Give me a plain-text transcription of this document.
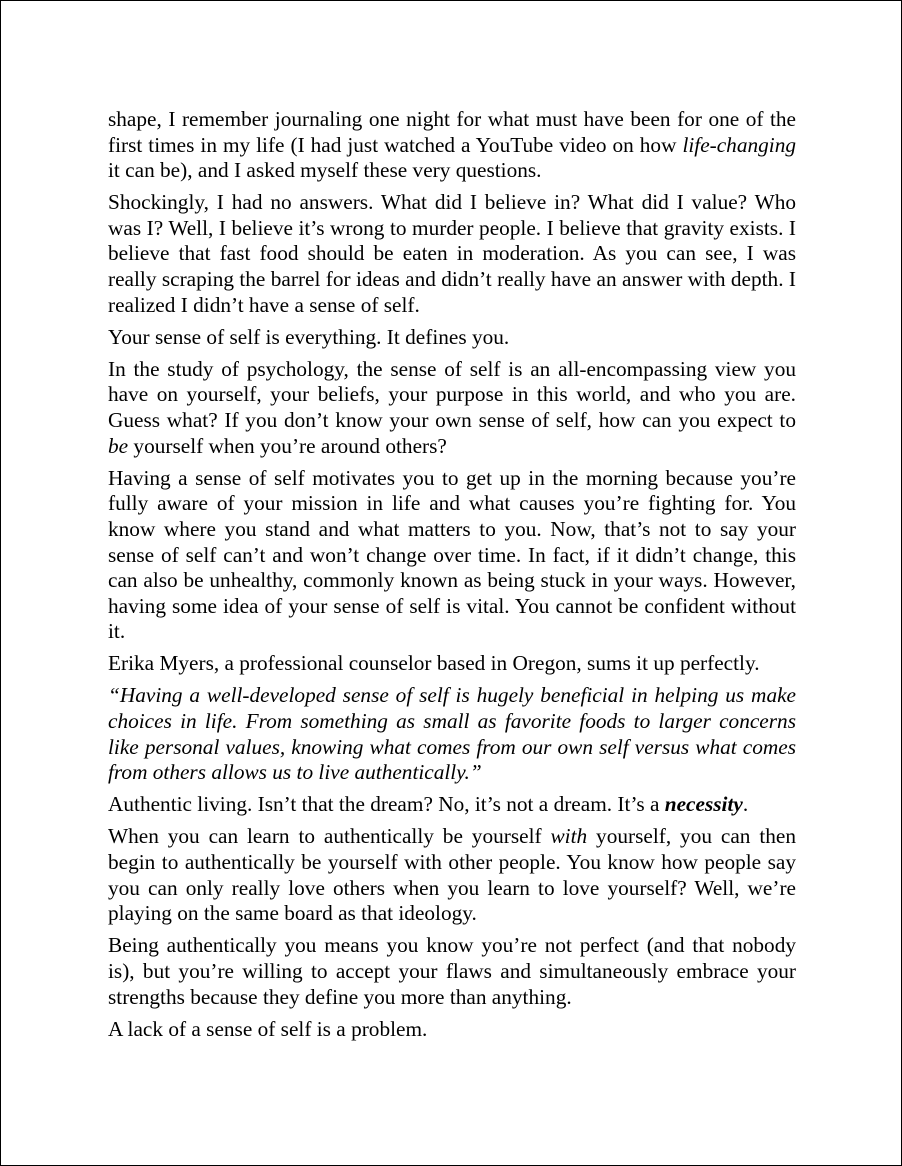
shape, I remember journaling one night for what must have been for one of the first times in my life (I had just watched a YouTube video on how life-changing it can be), and I asked myself these very questions.

Shockingly, I had no answers. What did I believe in? What did I value? Who was I? Well, I believe it’s wrong to murder people. I believe that gravity exists. I believe that fast food should be eaten in moderation. As you can see, I was really scraping the barrel for ideas and didn’t really have an answer with depth. I realized I didn’t have a sense of self.

Your sense of self is everything. It defines you.

In the study of psychology, the sense of self is an all-encompassing view you have on yourself, your beliefs, your purpose in this world, and who you are. Guess what? If you don’t know your own sense of self, how can you expect to be yourself when you’re around others?

Having a sense of self motivates you to get up in the morning because you’re fully aware of your mission in life and what causes you’re fighting for. You know where you stand and what matters to you. Now, that’s not to say your sense of self can’t and won’t change over time. In fact, if it didn’t change, this can also be unhealthy, commonly known as being stuck in your ways. However, having some idea of your sense of self is vital. You cannot be confident without it.

Erika Myers, a professional counselor based in Oregon, sums it up perfectly.

“Having a well-developed sense of self is hugely beneficial in helping us make choices in life. From something as small as favorite foods to larger concerns like personal values, knowing what comes from our own self versus what comes from others allows us to live authentically.”

Authentic living. Isn’t that the dream? No, it’s not a dream. It’s a necessity.

When you can learn to authentically be yourself with yourself, you can then begin to authentically be yourself with other people. You know how people say you can only really love others when you learn to love yourself? Well, we’re playing on the same board as that ideology.

Being authentically you means you know you’re not perfect (and that nobody is), but you’re willing to accept your flaws and simultaneously embrace your strengths because they define you more than anything.

A lack of a sense of self is a problem.
